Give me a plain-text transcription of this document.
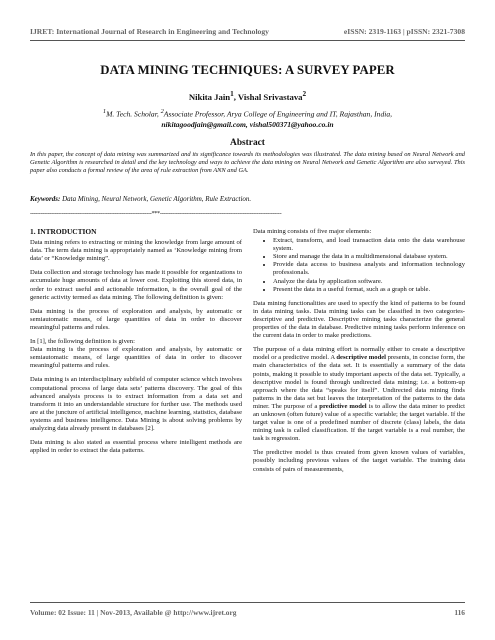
IJRET: International Journal of Research in Engineering and Technology	eISSN: 2319-1163 | pISSN: 2321-7308
DATA MINING TECHNIQUES: A SURVEY PAPER
Nikita Jain$^1$, Vishal Srivastava$^2$
$^1$M. Tech. Scholar, $^2$Associate Professor, Arya College of Engineering and IT, Rajasthan, India,
nikitagoodjain@gmail.com, vishal500371@yahoo.co.in
Abstract
In this paper, the concept of data mining was summarized and its significance towards its methodologies was illustrated. The data mining based on Neural Network and Genetic Algorithm is researched in detail and the key technology and ways to achieve the data mining on Neural Network and Genetic Algorithm are also surveyed. This paper also conducts a formal review of the area of rule extraction from ANN and GA.
Keywords: Data Mining, Neural Network, Genetic Algorithm, Rule Extraction.
---------------------------------------------------------------------***---------------------------------------------------------------------

1. INTRODUCTION

Data mining refers to extracting or mining the knowledge from large amount of data. The term data mining is appropriately named as ‘Knowledge mining from data’ or “Knowledge mining”.

Data collection and storage technology has made it possible for organizations to accumulate huge amounts of data at lower cost. Exploiting this stored data, in order to extract useful and actionable information, is the overall goal of the generic activity termed as data mining. The following definition is given:

Data mining is the process of exploration and analysis, by automatic or semiautomatic means, of large quantities of data in order to discover meaningful patterns and rules.

In [1], the following definition is given:
Data mining is the process of exploration and analysis, by automatic or semiautomatic means, of large quantities of data in order to discover meaningful patterns and rules.

Data mining is an interdisciplinary subfield of computer science which involves computational process of large data sets’ patterns discovery. The goal of this advanced analysis process is to extract information from a data set and transform it into an understandable structure for further use. The methods used are at the juncture of artificial intelligence, machine learning, statistics, database systems and business intelligence. Data Mining is about solving problems by analyzing data already present in databases [2].

Data mining is also stated as essential process where intelligent methods are applied in order to extract the data patterns.

Data mining consists of five major elements:

• Extract, transform, and load transaction data onto the data warehouse system.
• Store and manage the data in a multidimensional database system.
• Provide data access to business analysts and information technology professionals.
• Analyze the data by application software.
• Present the data in a useful format, such as a graph or table.

Data mining functionalities are used to specify the kind of patterns to be found in data mining tasks. Data mining tasks can be classified in two categories-descriptive and predictive. Descriptive mining tasks characterize the general properties of the data in database. Predictive mining tasks perform inference on the current data in order to make predictions.

The purpose of a data mining effort is normally either to create a descriptive model or a predictive model. A descriptive model presents, in concise form, the main characteristics of the data set. It is essentially a summary of the data points, making it possible to study important aspects of the data set. Typically, a descriptive model is found through undirected data mining; i.e. a bottom-up approach where the data “speaks for itself”. Undirected data mining finds patterns in the data set but leaves the interpretation of the patterns to the data miner. The purpose of a predictive model is to allow the data miner to predict an unknown (often future) value of a specific variable; the target variable. If the target value is one of a predefined number of discrete (class) labels, the data mining task is called classification. If the target variable is a real number, the task is regression.

The predictive model is thus created from given known values of variables, possibly including previous values of the target variable. The training data consists of pairs of measurements,

Volume: 02 Issue: 11 | Nov-2013, Available @ http://www.ijret.org	116
